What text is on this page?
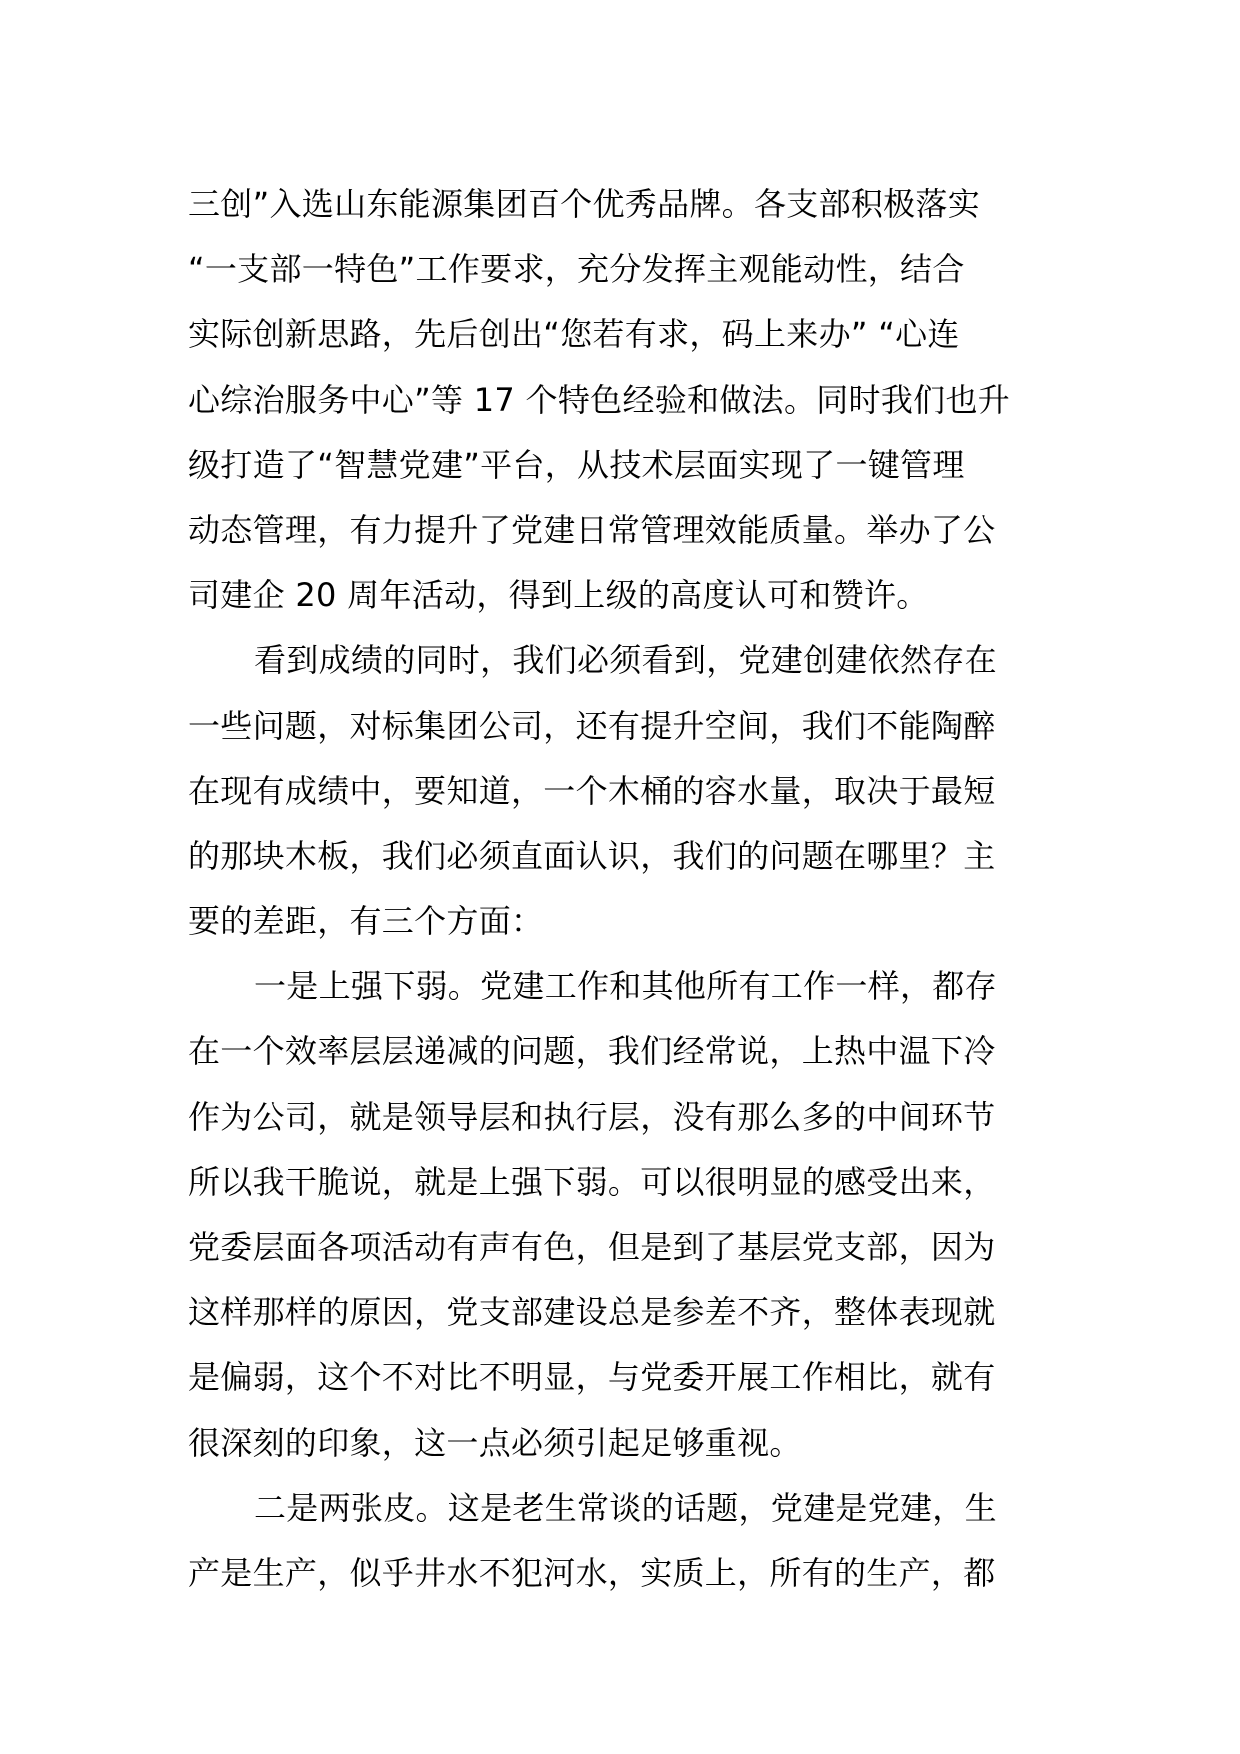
三创”入选山东能源集团百个优秀品牌。各支部积极落实
“一支部一特色”工作要求，充分发挥主观能动性，结合
实际创新思路，先后创出“您若有求，码上来办” “心连
心综治服务中心”等 17 个特色经验和做法。同时我们也升
级打造了“智慧党建”平台，从技术层面实现了一键管理
动态管理，有力提升了党建日常管理效能质量。举办了公
司建企 20 周年活动，得到上级的高度认可和赞许。
看到成绩的同时，我们必须看到，党建创建依然存在
一些问题，对标集团公司，还有提升空间，我们不能陶醉
在现有成绩中，要知道，一个木桶的容水量，取决于最短
的那块木板，我们必须直面认识，我们的问题在哪里？主
要的差距，有三个方面：
一是上强下弱。党建工作和其他所有工作一样，都存
在一个效率层层递减的问题，我们经常说，上热中温下冷
作为公司，就是领导层和执行层，没有那么多的中间环节
所以我干脆说，就是上强下弱。可以很明显的感受出来，
党委层面各项活动有声有色，但是到了基层党支部，因为
这样那样的原因，党支部建设总是参差不齐，整体表现就
是偏弱，这个不对比不明显，与党委开展工作相比，就有
很深刻的印象，这一点必须引起足够重视。
二是两张皮。这是老生常谈的话题，党建是党建，生
产是生产，似乎井水不犯河水，实质上，所有的生产，都
